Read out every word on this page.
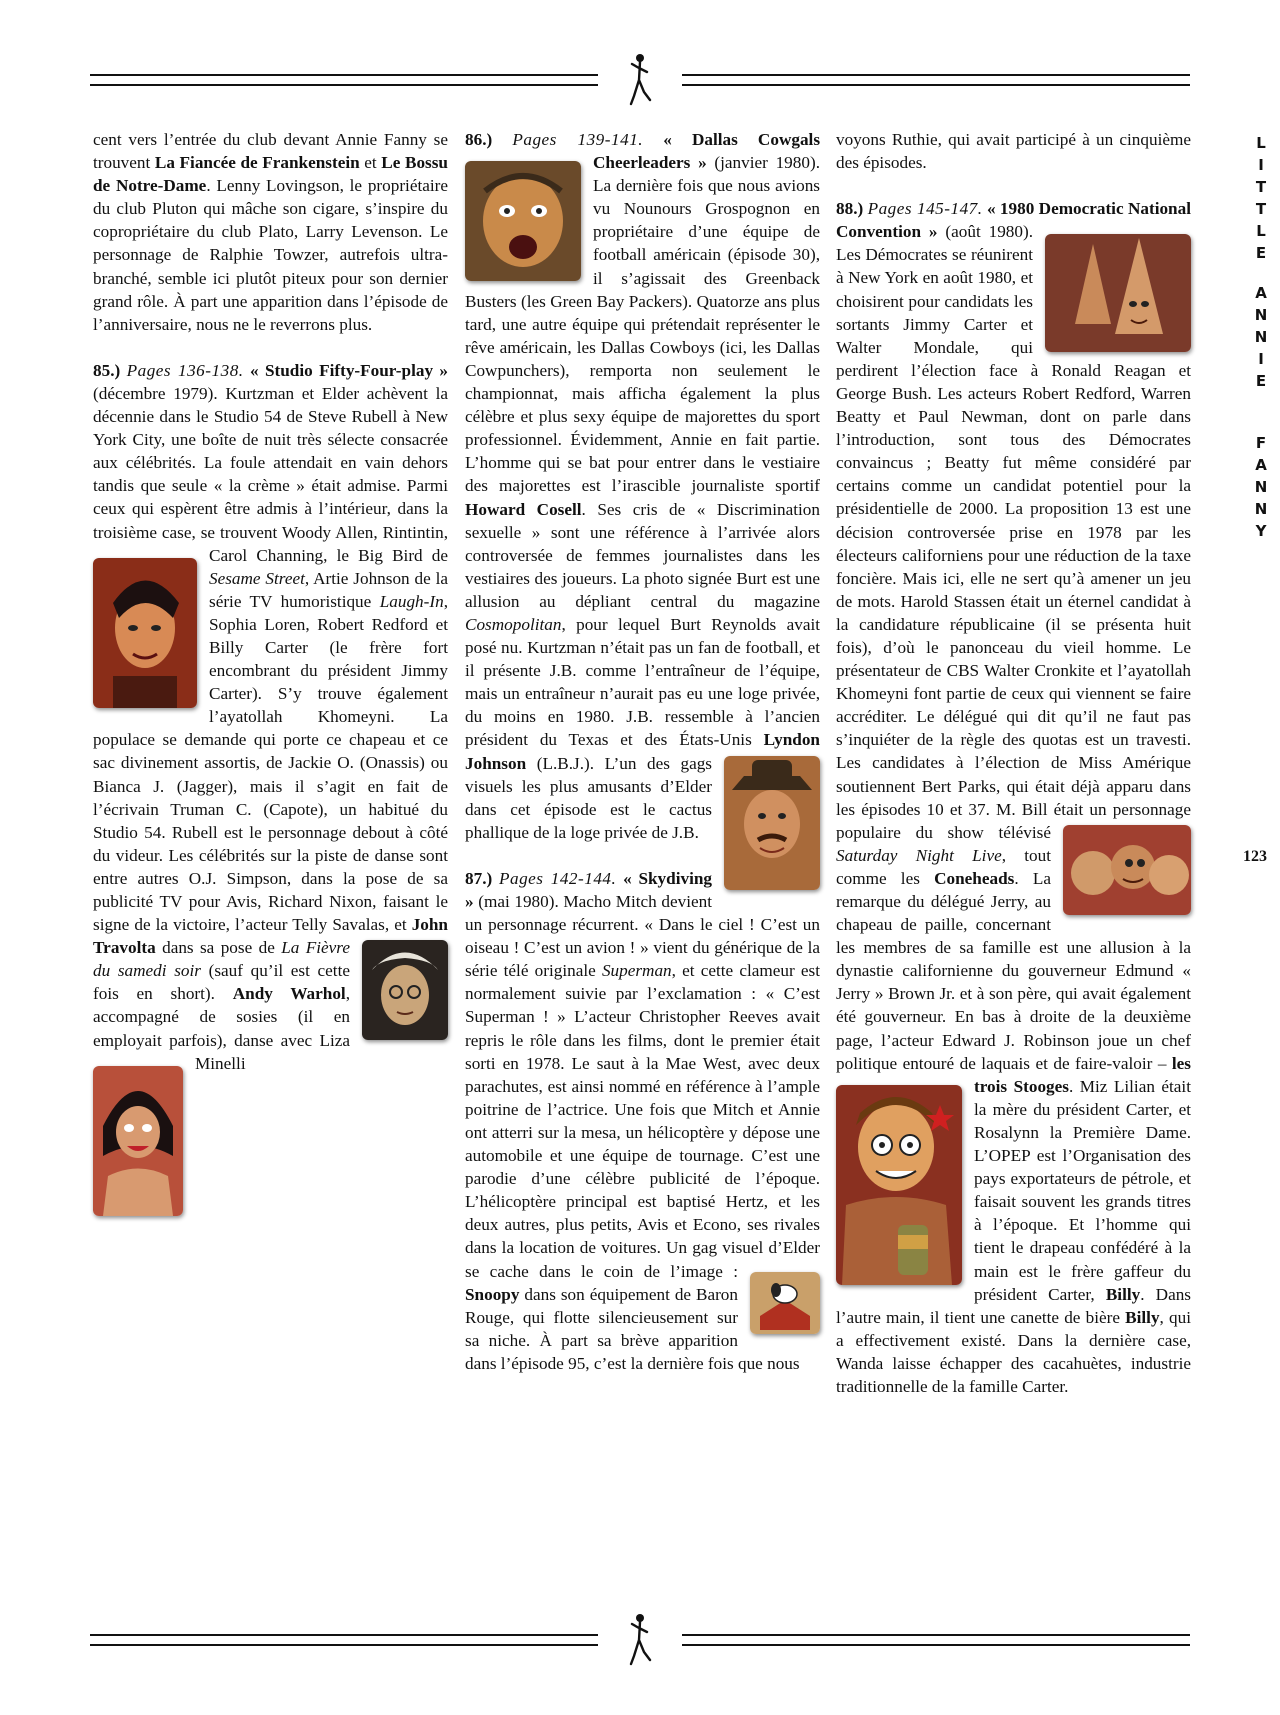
cent vers l’entrée du club devant Annie Fanny se trouvent La Fiancée de Frankenstein et Le Bossu de Notre-Dame. Lenny Lovingson, le propriétaire du club Pluton qui mâche son cigare, s’inspire du copropriétaire du club Plato, Larry Levenson. Le personnage de Ralphie Towzer, autrefois ultra-branché, semble ici plutôt piteux pour son dernier grand rôle. À part une apparition dans l’épisode de l’anniversaire, nous ne le reverrons plus.

85.) Pages 136-138. « Studio Fifty-Four-play » (décembre 1979). Kurtzman et Elder achèvent la décennie dans le Studio 54 de Steve Rubell à New York City, une boîte de nuit très sélecte consacrée aux célébrités. La foule attendait en vain dehors tandis que seule « la crème » était admise. Parmi ceux qui espèrent être admis à l’intérieur, dans la troisième case, se trouvent Woody Allen, Rintintin, Carol Channing, le Big Bird de
Sesame Street, Artie Johnson de la série TV humoristique Laugh-In, Sophia Loren, Robert Redford et Billy Carter (le frère fort encombrant du président Jimmy Carter). S’y trouve également l’ayatollah Khomeyni. La populace se demande qui porte ce chapeau et ce sac divinement assortis, de Jackie O. (Onassis) ou Bianca J. (Jagger), mais il s’agit en fait de l’écrivain Truman C. (Capote), un habitué du Studio 54. Rubell est le personnage debout à côté du videur. Les célébrités sur la piste de danse sont entre autres O.J. Simpson, dans la pose de sa publicité TV pour Avis, Richard Nixon, faisant le signe de la victoire, l’acteur Telly Savalas, et
John Travolta dans sa pose de La Fièvre du samedi soir (sauf qu’il est cette fois en short). Andy Warhol, accompagné de sosies (il en employait parfois), danse avec
Liza Minelli

86.) Pages 139-141. « Dallas Cowgals Cheerleaders »
(janvier 1980). La dernière fois que nous avions vu Nounours Grospognon en propriétaire d’une équipe de football américain (épisode 30), il s’agissait des Greenback Busters (les Green Bay Packers). Quatorze ans plus tard, une autre équipe qui prétendait représenter le rêve américain, les Dallas Cowboys (ici, les Dallas Cowpunchers), remporta non seulement le championnat, mais afficha également la plus célèbre et plus sexy équipe de majorettes du sport professionnel. Évidemment, Annie en fait partie. L’homme qui se bat pour entrer dans le vestiaire des majorettes est l’irascible journaliste sportif Howard Cosell. Ses cris de « Discrimination sexuelle » sont une référence à l’arrivée alors controversée de femmes journalistes dans les vestiaires des joueurs. La photo signée Burt est une allusion au dépliant central du magazine Cosmopolitan, pour lequel Burt Reynolds avait posé nu. Kurtzman n’était pas un fan de football, et il présente J.B. comme l’entraîneur de l’équipe, mais un entraîneur n’aurait pas eu une loge privée, du moins en 1980. J.B. ressemble à l’ancien président du Texas et des États-Unis
Lyndon Johnson (L.B.J.). L’un des gags visuels les plus amusants d’Elder dans cet épisode est le cactus phallique de la loge privée de J.B.

87.) Pages 142-144. « Skydiving » (mai 1980). Macho Mitch devient un personnage récurrent. « Dans le ciel ! C’est un oiseau ! C’est un avion ! » vient du générique de la série télé originale Superman, et cette clameur est normalement suivie par l’exclamation : « C’est Superman ! » L’acteur Christopher Reeves avait repris le rôle dans les films, dont le premier était sorti en 1978. Le saut à la Mae West, avec deux parachutes, est ainsi nommé en référence à l’ample poitrine de l’actrice. Une fois que Mitch et Annie ont atterri sur la mesa, un hélicoptère y dépose une automobile et une équipe de tournage. C’est une parodie d’une célèbre publicité de l’époque. L’hélicoptère principal est baptisé Hertz, et les deux autres, plus petits, Avis et Econo, ses rivales dans la location de voitures. Un gag visuel d’Elder se cache dans le coin de l’image :
Snoopy dans son équipement de Baron Rouge, qui flotte silencieusement sur sa niche. À part sa brève apparition dans l’épisode 95, c’est la dernière fois que nous

voyons Ruthie, qui avait participé à un cinquième des épisodes.

88.) Pages 145-147. « 1980 Democratic National Convention »
(août 1980). Les Démocrates se réunirent à New York en août 1980, et choisirent pour candidats les sortants Jimmy Carter et Walter Mondale, qui perdirent l’élection face à Ronald Reagan et George Bush. Les acteurs Robert Redford, Warren Beatty et Paul Newman, dont on parle dans l’introduction, sont tous des Démocrates convaincus ; Beatty fut même considéré par certains comme un candidat potentiel pour la présidentielle de 2000. La proposition 13 est une décision controversée prise en 1978 par les électeurs californiens pour une réduction de la taxe foncière. Mais ici, elle ne sert qu’à amener un jeu de mots. Harold Stassen était un éternel candidat à la candidature républicaine (il se présenta huit fois), d’où le panonceau du vieil homme. Le présentateur de CBS Walter Cronkite et l’ayatollah Khomeyni font partie de ceux qui viennent se faire accréditer. Le délégué qui dit qu’il ne faut pas s’inquiéter de la règle des quotas est un travesti. Les candidates à l’élection de Miss Amérique soutiennent Bert Parks, qui était déjà apparu dans les épisodes 10 et 37. M. Bill était un personnage populaire du show télévisé
Saturday Night Live, tout comme les Coneheads. La remarque du délégué Jerry, au chapeau de paille, concernant les membres de sa famille est une allusion à la dynastie californienne du gouverneur Edmund « Jerry » Brown Jr. et à son père, qui avait également été gouverneur. En bas à droite de la deuxième page, l’acteur Edward J. Robinson joue un chef politique entouré de laquais et de faire-valoir –
les trois Stooges. Miz Lilian était la mère du président Carter, et Rosalynn la Première Dame. L’OPEP est l’Organisation des pays exportateurs de pétrole, et faisait souvent les grands titres à l’époque. Et l’homme qui tient le drapeau confédéré à la main est le frère gaffeur du président Carter, Billy. Dans l’autre main, il tient une canette de bière Billy, qui a effectivement existé. Dans la dernière case, Wanda laisse échapper des cacahuètes, industrie traditionnelle de la famille Carter.

L
I
T
T
L
E
A
N
N
I
E
F
A
N
N
Y
123
